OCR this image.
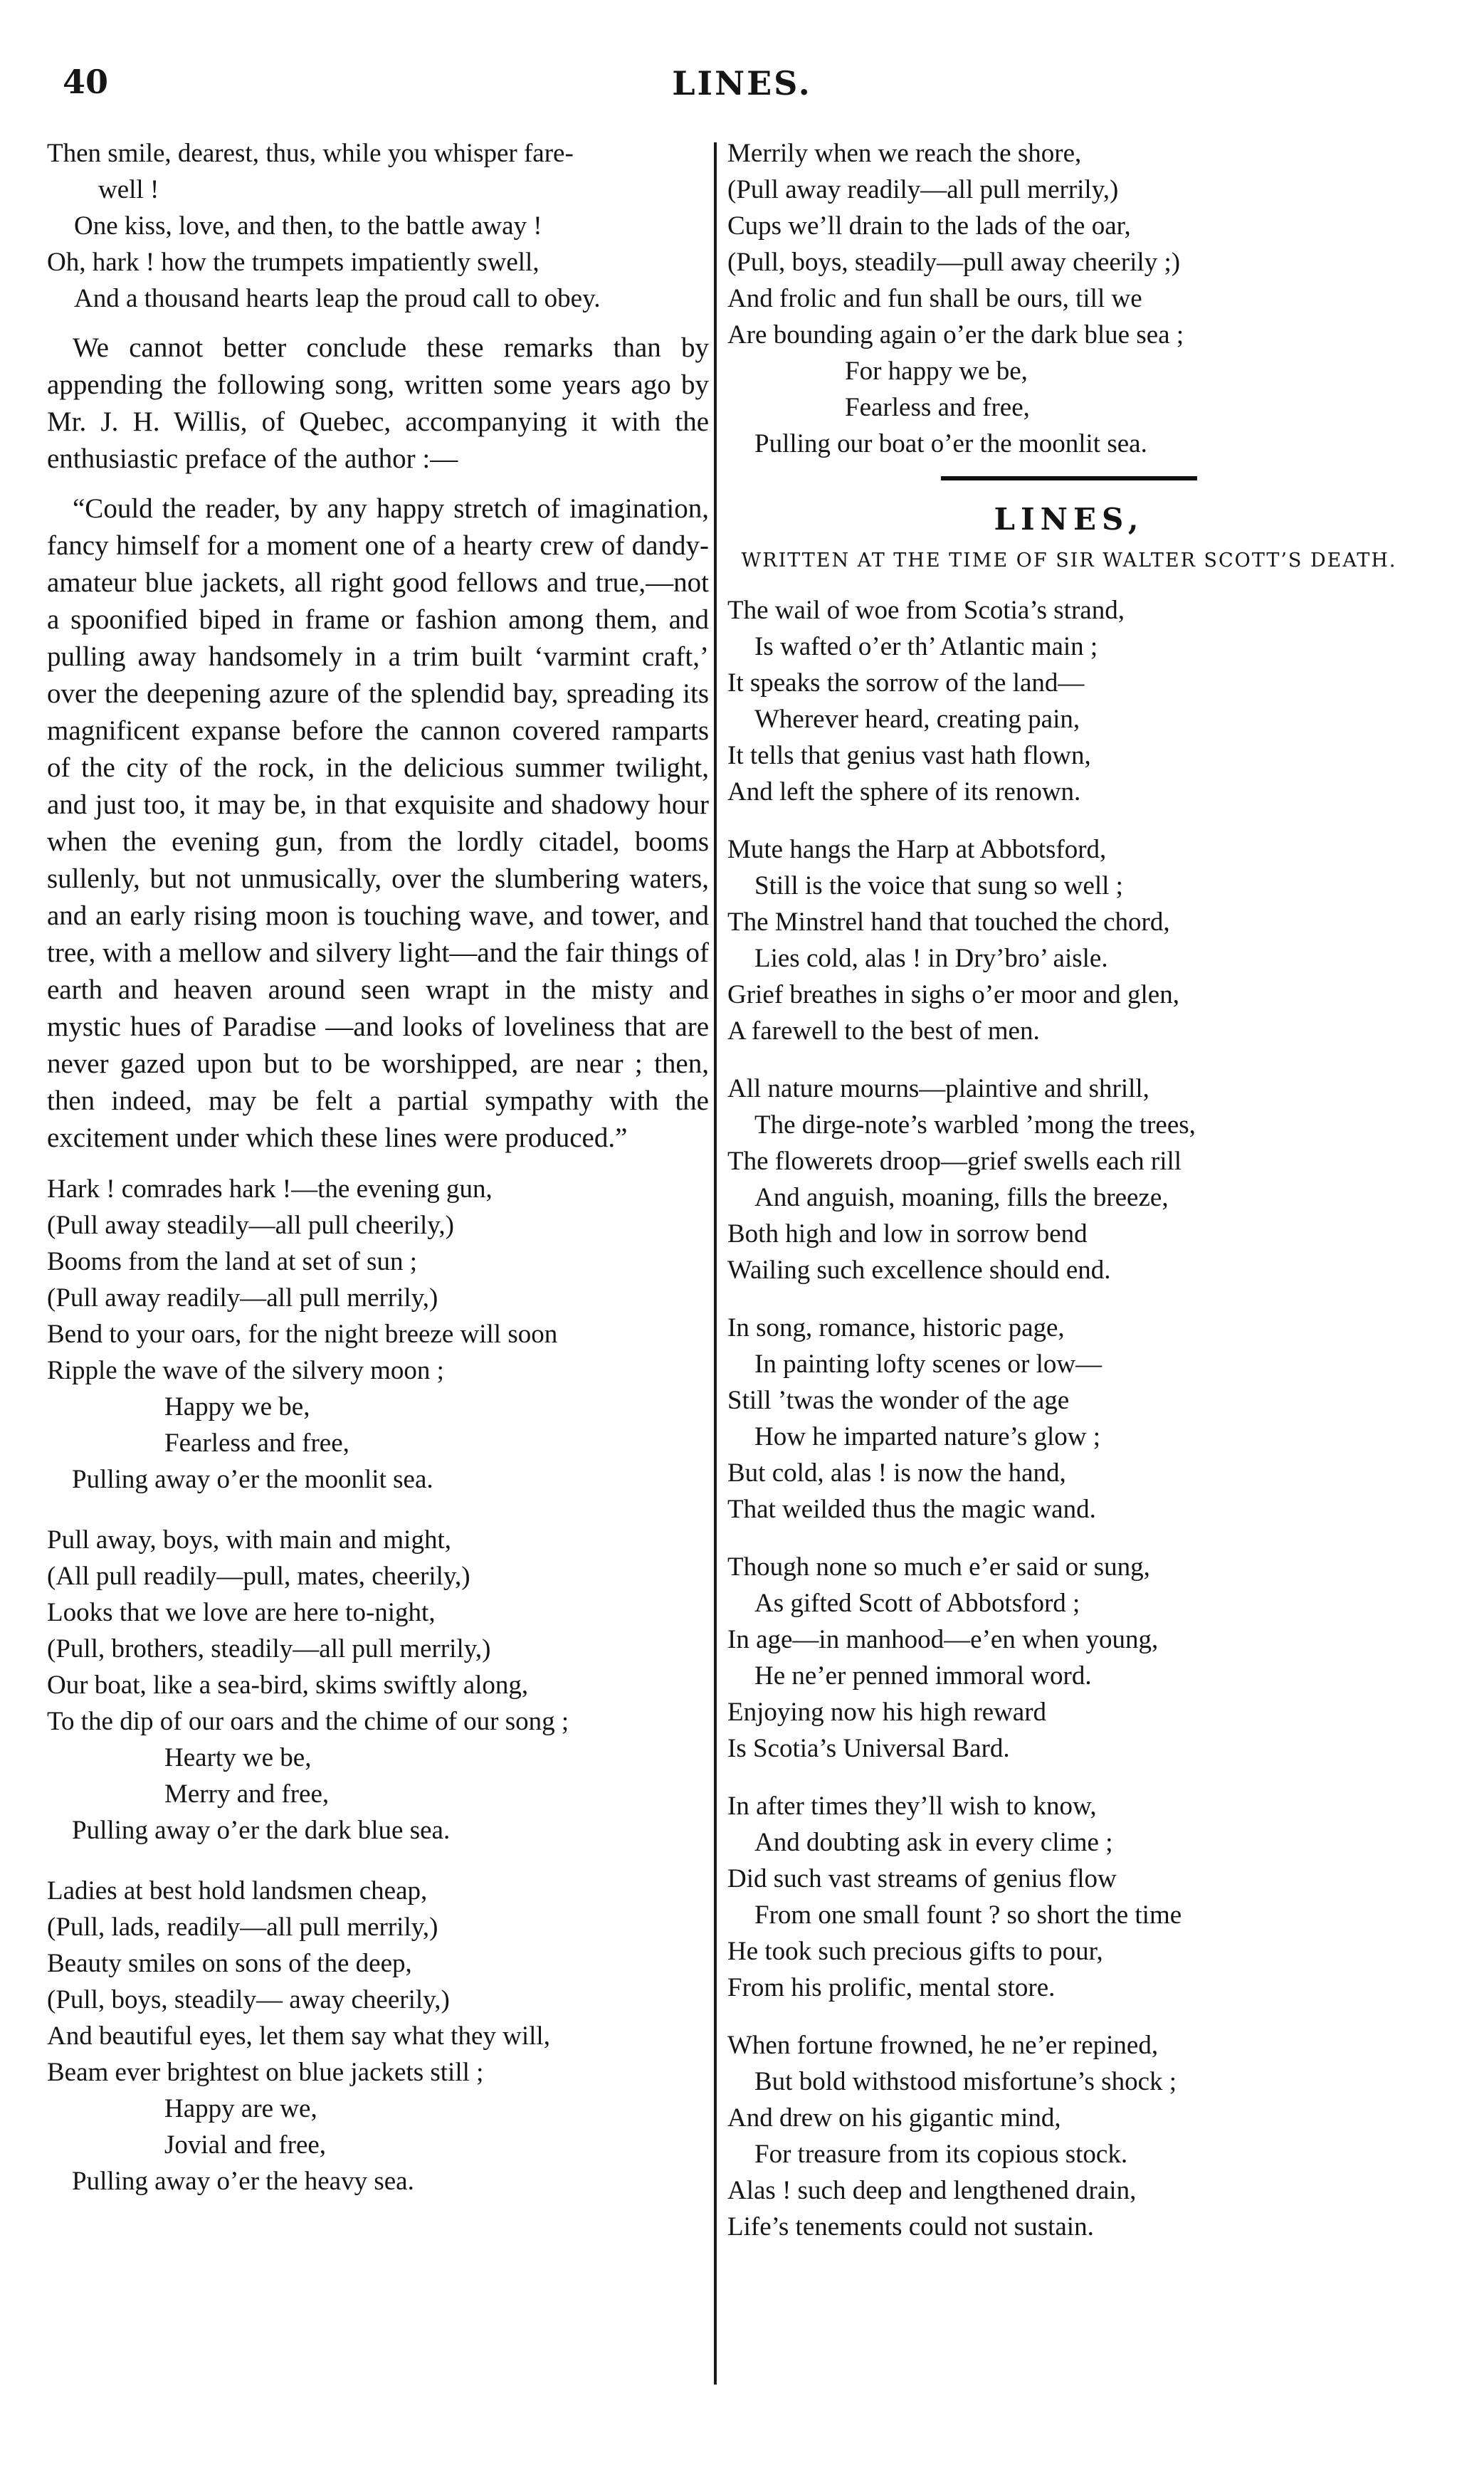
40	LINES.
Then smile, dearest, thus, while you whisper fare-
well !
One kiss, love, and then, to the battle away !
Oh, hark ! how the trumpets impatiently swell,
And a thousand hearts leap the proud call to obey.

We cannot better conclude these remarks than by appending the following song, written some years ago by Mr. J. H. Willis, of Quebec, accompanying it with the enthusiastic preface of the author :—

“Could the reader, by any happy stretch of imagination, fancy himself for a moment one of a hearty crew of dandy-amateur blue jackets, all right good fellows and true,—not a spoonified biped in frame or fashion among them, and pulling away handsomely in a trim built ‘varmint craft,’ over the deepening azure of the splendid bay, spreading its magnificent expanse before the cannon covered ramparts of the city of the rock, in the delicious summer twilight, and just too, it may be, in that exquisite and shadowy hour when the evening gun, from the lordly citadel, booms sullenly, but not unmusically, over the slumbering waters, and an early rising moon is touching wave, and tower, and tree, with a mellow and silvery light—and the fair things of earth and heaven around seen wrapt in the misty and mystic hues of Paradise —and looks of loveliness that are never gazed upon but to be worshipped, are near ; then, then indeed, may be felt a partial sympathy with the excitement under which these lines were produced.”

Hark ! comrades hark !—the evening gun,
(Pull away steadily—all pull cheerily,)
Booms from the land at set of sun ;
(Pull away readily—all pull merrily,)
Bend to your oars, for the night breeze will soon
Ripple the wave of the silvery moon ;
Happy we be,
Fearless and free,
Pulling away o’er the moonlit sea.
Pull away, boys, with main and might,
(All pull readily—pull, mates, cheerily,)
Looks that we love are here to-night,
(Pull, brothers, steadily—all pull merrily,)
Our boat, like a sea-bird, skims swiftly along,
To the dip of our oars and the chime of our song ;
Hearty we be,
Merry and free,
Pulling away o’er the dark blue sea.
Ladies at best hold landsmen cheap,
(Pull, lads, readily—all pull merrily,)
Beauty smiles on sons of the deep,
(Pull, boys, steadily— away cheerily,)
And beautiful eyes, let them say what they will,
Beam ever brightest on blue jackets still ;
Happy are we,
Jovial and free,
Pulling away o’er the heavy sea.
Merrily when we reach the shore,
(Pull away readily—all pull merrily,)
Cups we’ll drain to the lads of the oar,
(Pull, boys, steadily—pull away cheerily ;)
And frolic and fun shall be ours, till we
Are bounding again o’er the dark blue sea ;
For happy we be,
Fearless and free,
Pulling our boat o’er the moonlit sea.
LINES,
WRITTEN AT THE TIME OF SIR WALTER SCOTT’S DEATH.
The wail of woe from Scotia’s strand,
Is wafted o’er th’ Atlantic main ;
It speaks the sorrow of the land—
Wherever heard, creating pain,
It tells that genius vast hath flown,
And left the sphere of its renown.
Mute hangs the Harp at Abbotsford,
Still is the voice that sung so well ;
The Minstrel hand that touched the chord,
Lies cold, alas ! in Dry’bro’ aisle.
Grief breathes in sighs o’er moor and glen,
A farewell to the best of men.
All nature mourns—plaintive and shrill,
The dirge-note’s warbled ’mong the trees,
The flowerets droop—grief swells each rill
And anguish, moaning, fills the breeze,
Both high and low in sorrow bend
Wailing such excellence should end.
In song, romance, historic page,
In painting lofty scenes or low—
Still ’twas the wonder of the age
How he imparted nature’s glow ;
But cold, alas ! is now the hand,
That weilded thus the magic wand.
Though none so much e’er said or sung,
As gifted Scott of Abbotsford ;
In age—in manhood—e’en when young,
He ne’er penned immoral word.
Enjoying now his high reward
Is Scotia’s Universal Bard.
In after times they’ll wish to know,
And doubting ask in every clime ;
Did such vast streams of genius flow
From one small fount ? so short the time
He took such precious gifts to pour,
From his prolific, mental store.
When fortune frowned, he ne’er repined,
But bold withstood misfortune’s shock ;
And drew on his gigantic mind,
For treasure from its copious stock.
Alas ! such deep and lengthened drain,
Life’s tenements could not sustain.
